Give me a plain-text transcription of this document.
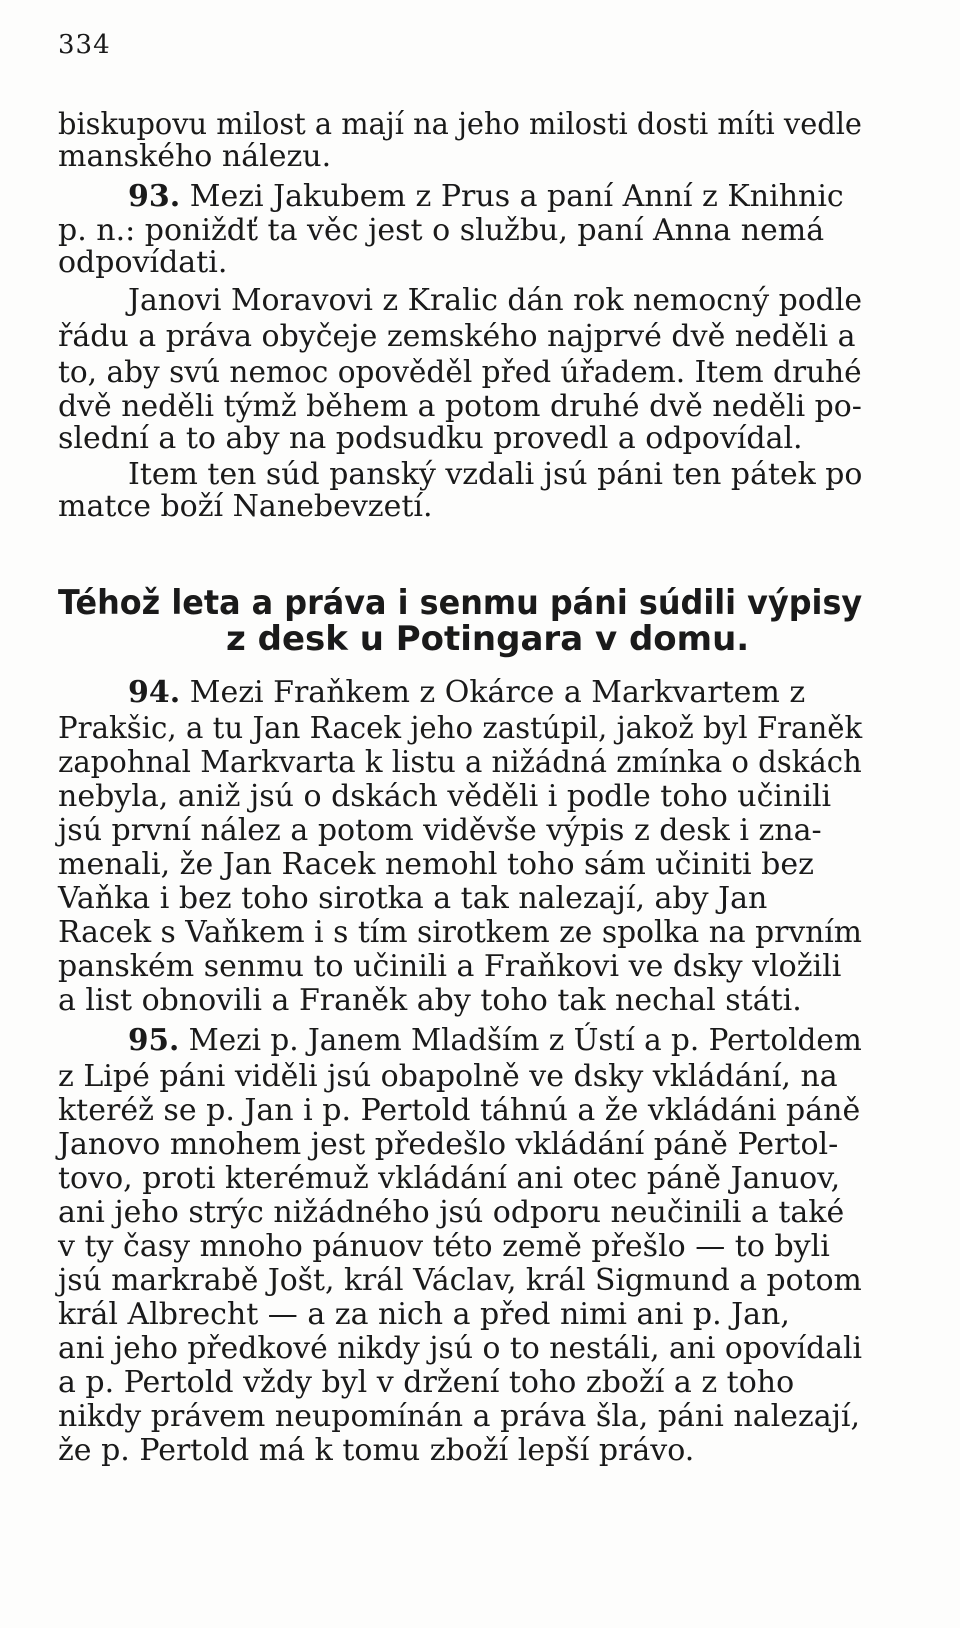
334
biskupovu milost a mají na jeho milosti dosti míti vedle
manského nálezu.
93. Mezi Jakubem z Prus a paní Anní z Knihnic
p. n.: poniždť ta věc jest o službu, paní Anna nemá
odpovídati.
Janovi Moravovi z Kralic dán rok nemocný podle
řádu a práva obyčeje zemského najprvé dvě neděli a
to, aby svú nemoc opověděl před úřadem. Item druhé
dvě neděli týmž během a potom druhé dvě neděli po-
slední a to aby na podsudku provedl a odpovídal.
Item ten súd panský vzdali jsú páni ten pátek po
matce boží Nanebevzetí.
Téhož leta a práva i senmu páni súdili výpisy
z desk u Potingara v domu.
94. Mezi Fraňkem z Okárce a Markvartem z
Prakšic, a tu Jan Racek jeho zastúpil, jakož byl Franěk
zapohnal Markvarta k listu a nižádná zmínka o dskách
nebyla, aniž jsú o dskách věděli i podle toho učinili
jsú první nález a potom viděvše výpis z desk i zna-
menali, že Jan Racek nemohl toho sám učiniti bez
Vaňka i bez toho sirotka a tak nalezají, aby Jan
Racek s Vaňkem i s tím sirotkem ze spolka na prvním
panském senmu to učinili a Fraňkovi ve dsky vložili
a list obnovili a Franěk aby toho tak nechal státi.
95. Mezi p. Janem Mladším z Ústí a p. Pertoldem
z Lipé páni viděli jsú obapolně ve dsky vkládání, na
kteréž se p. Jan i p. Pertold táhnú a že vkládáni páně
Janovo mnohem jest předešlo vkládání páně Pertol-
tovo, proti kterémuž vkládání ani otec páně Januov,
ani jeho strýc nižádného jsú odporu neučinili a také
v ty časy mnoho pánuov této země přešlo — to byli
jsú markrabě Jošt, král Václav, král Sigmund a potom
král Albrecht — a za nich a před nimi ani p. Jan,
ani jeho předkové nikdy jsú o to nestáli, ani opovídali
a p. Pertold vždy byl v držení toho zboží a z toho
nikdy právem neupomínán a práva šla, páni nalezají,
že p. Pertold má k tomu zboží lepší právo.
